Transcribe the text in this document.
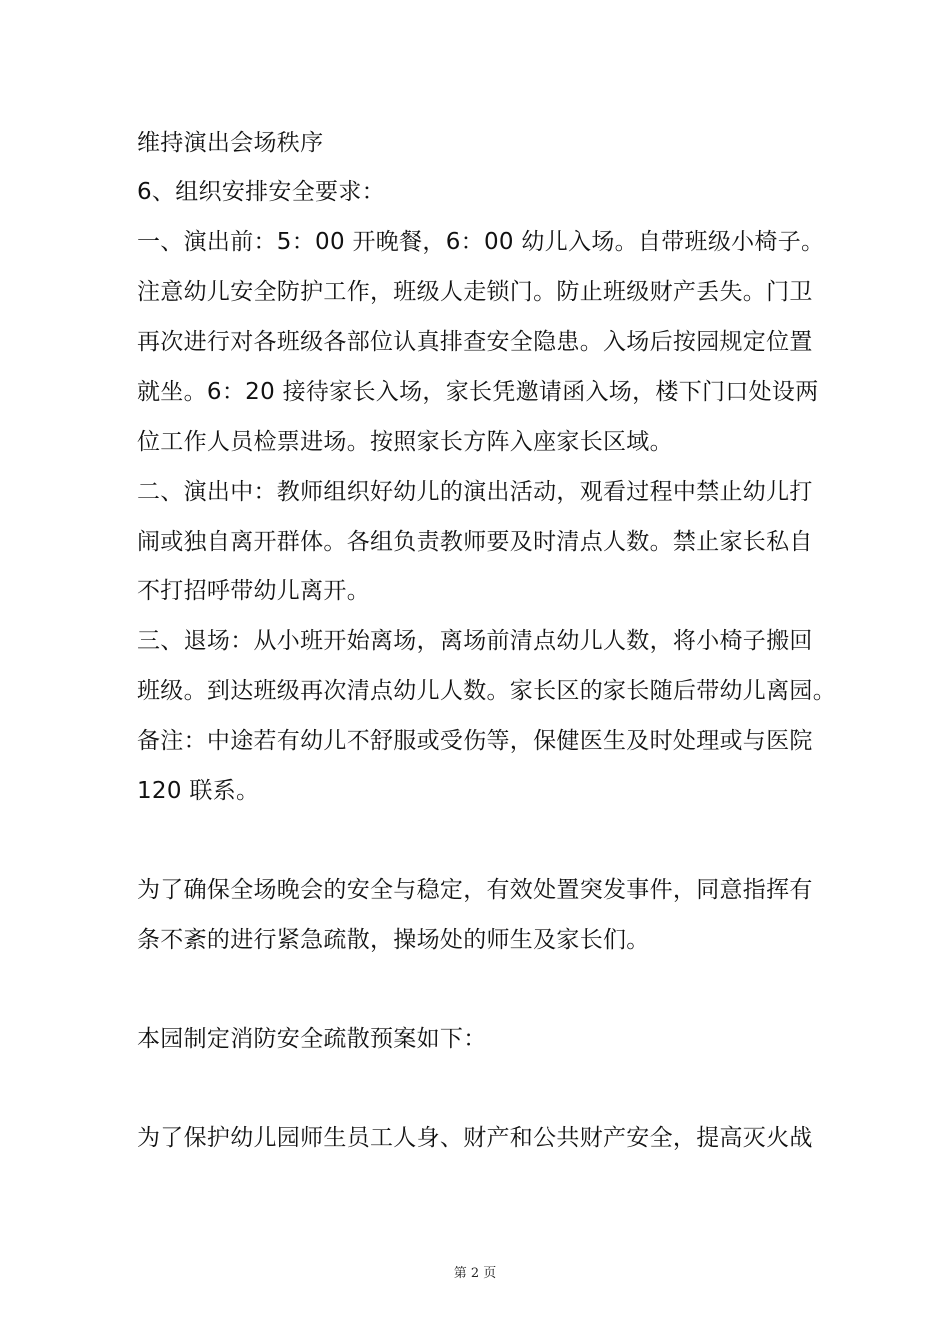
维持演出会场秩序
6、组织安排安全要求：
一、演出前：5：00 开晚餐，6：00 幼儿入场。自带班级小椅子。
注意幼儿安全防护工作，班级人走锁门。防止班级财产丢失。门卫
再次进行对各班级各部位认真排查安全隐患。入场后按园规定位置
就坐。6：20 接待家长入场，家长凭邀请函入场，楼下门口处设两
位工作人员检票进场。按照家长方阵入座家长区域。
二、演出中：教师组织好幼儿的演出活动，观看过程中禁止幼儿打
闹或独自离开群体。各组负责教师要及时清点人数。禁止家长私自
不打招呼带幼儿离开。
三、退场：从小班开始离场，离场前清点幼儿人数，将小椅子搬回
班级。到达班级再次清点幼儿人数。家长区的家长随后带幼儿离园。
备注：中途若有幼儿不舒服或受伤等，保健医生及时处理或与医院
120 联系。
为了确保全场晚会的安全与稳定，有效处置突发事件，同意指挥有
条不紊的进行紧急疏散，操场处的师生及家长们。
本园制定消防安全疏散预案如下：
为了保护幼儿园师生员工人身、财产和公共财产安全，提高灭火战
第 2 页
